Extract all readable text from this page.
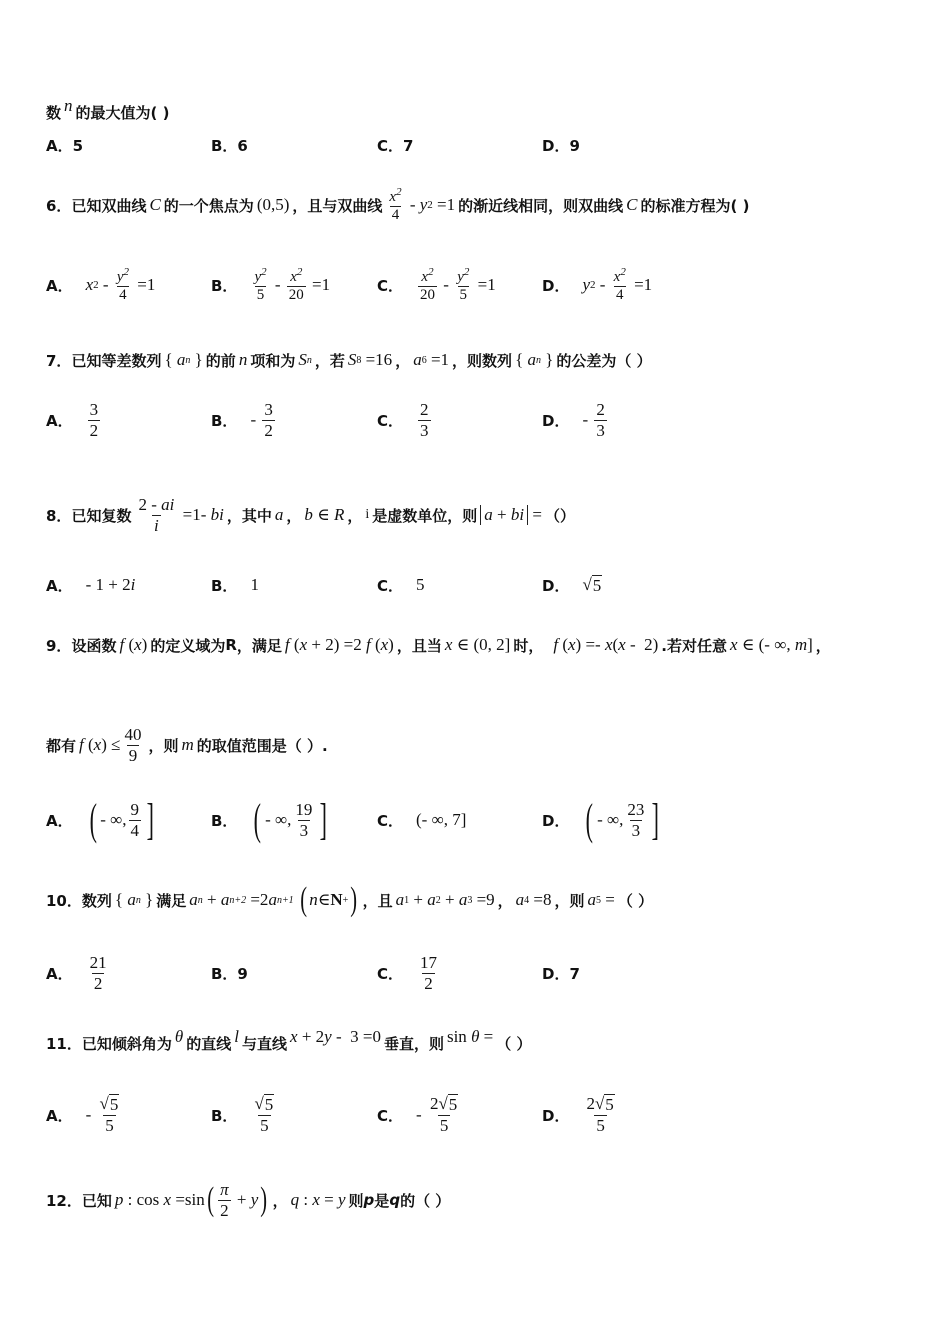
数 n 的最大值为( )
A．5	B．6	C．7	D．9
6． 已知双曲线 C 的一个焦点为 (0,5) ，且与双曲线 $\frac{x^2}{4}$ - y 2 =1 的渐近线相同，则双曲线 C 的标准方程为( )
A． x $2 - \frac{y^2}{4} =1$	B． $\frac{y^2}{5} - \frac{x^2}{20} =1$	C． $\frac{x^2}{20} - \frac{y^2}{5} =1$	D． y $2 - \frac{x^2}{4} =1$
7． 已知等差数列 { a n } 的前 n 项和为 S n ，若 S 8 =16 ， a 6 =1 ，则数列 { a n } 的公差为（ ）
A．
3
2	B． -
3
2	C．
2
3	D． -
2
3
8． 已知复数
2 - ai
i
=1- bi ，其中 a ， b ∈ R ， i 是虚数单位，则 a + bi = （）
A． - 1 + 2 i	B． 1	C． 5	D． √ 5
9． 设函数 f ( x ) 的定义域为 R ，满足 f ( x + 2) =2 f ( x ) ，且当 x ∈ (0, 2] 时， f ( x ) =- x ( x -  2) .若对任意 x ∈ (- ∞, m ] ，
都有 f ( x ) ≤
40
9 ，则 m 的取值范围是（ ）.
A． ( - ∞,
9
4 ]	B． ( - ∞,
19
3 ]	C． (- ∞, 7]	D． ( - ∞,
23
3 ]
10． 数列 { a n } 满足 a n + a n+2 =2 a n+1
( n ∈ N + ) ，且 a 1 + a 2 + a 3 =9 ， a 4 =8 ，则 a 5 = （ ）
A．
21
2	B．9	C．
17
2	D．7
11． 已知倾斜角为 θ 的直线 l 与直线 x + 2 y -  3 =0 垂直，则 sin θ = （ ）
A． -
√ 5
5
B．
√ 5
5
C． -
2√ 5
5
D．
2√ 5
5
12． 已知 p : cos x =sin ( π
2
+ y ) ， q : x = y 则 p 是 q 的（ ）
